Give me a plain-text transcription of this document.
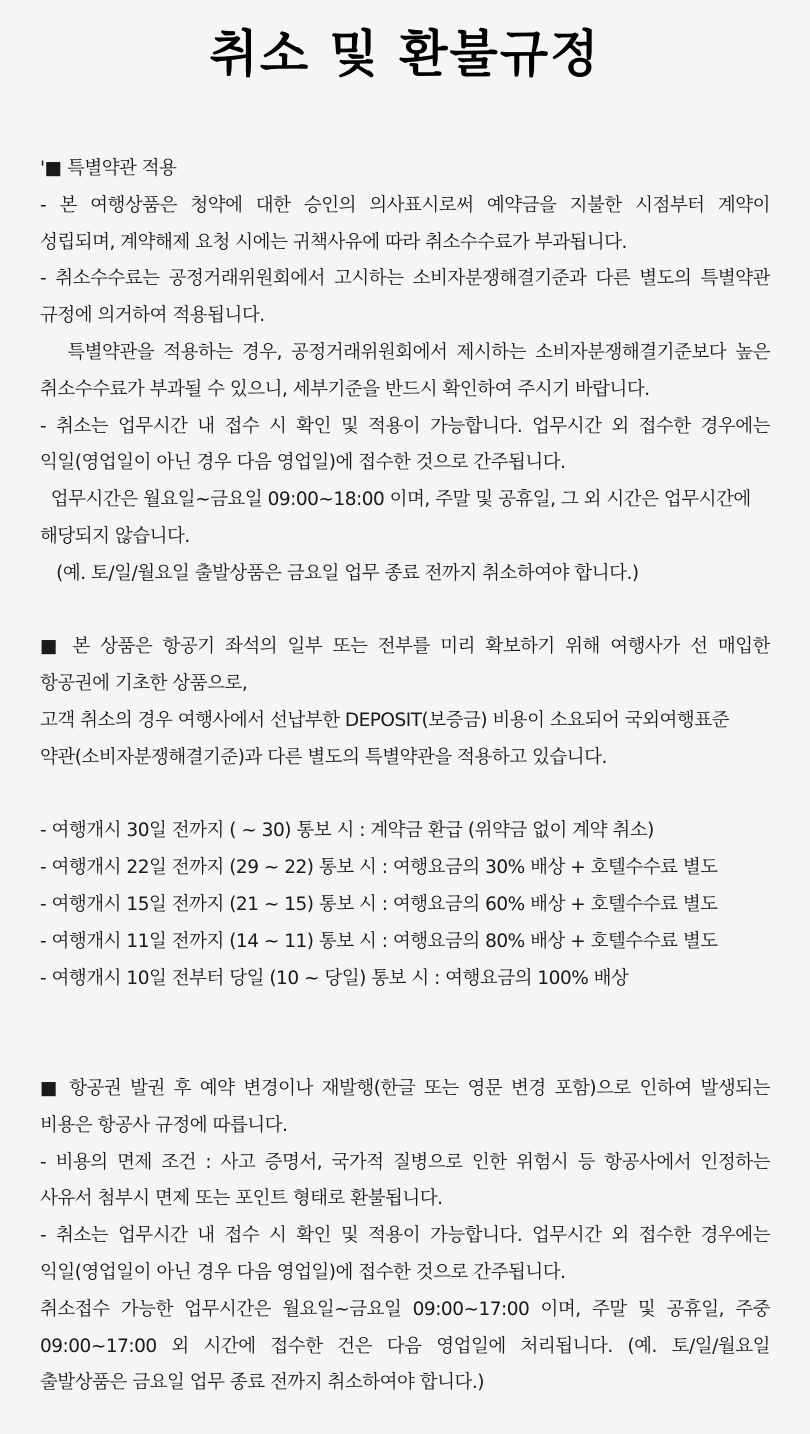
취소 및 환불규정
'■ 특별약관 적용
- 본 여행상품은 청약에 대한 승인의 의사표시로써 예약금을 지불한 시점부터 계약이
성립되며, 계약해제 요청 시에는 귀책사유에 따라 취소수수료가 부과됩니다.
- 취소수수료는 공정거래위원회에서 고시하는 소비자분쟁해결기준과 다른 별도의 특별약관
규정에 의거하여 적용됩니다.
특별약관을 적용하는 경우, 공정거래위원회에서 제시하는 소비자분쟁해결기준보다 높은
취소수수료가 부과될 수 있으니, 세부기준을 반드시 확인하여 주시기 바랍니다.
- 취소는 업무시간 내 접수 시 확인 및 적용이 가능합니다. 업무시간 외 접수한 경우에는
익일(영업일이 아닌 경우 다음 영업일)에 접수한 것으로 간주됩니다.
업무시간은 월요일~금요일 09:00~18:00 이며, 주말 및 공휴일, 그 외 시간은 업무시간에
해당되지 않습니다.
(예. 토/일/월요일 출발상품은 금요일 업무 종료 전까지 취소하여야 합니다.)
■ 본 상품은 항공기 좌석의 일부 또는 전부를 미리 확보하기 위해 여행사가 선 매입한
항공권에 기초한 상품으로,
고객 취소의 경우 여행사에서 선납부한 DEPOSIT(보증금) 비용이 소요되어 국외여행표준
약관(소비자분쟁해결기준)과 다른 별도의 특별약관을 적용하고 있습니다.
- 여행개시 30일 전까지 ( ~ 30) 통보 시 : 계약금 환급 (위약금 없이 계약 취소)
- 여행개시 22일 전까지 (29 ~ 22) 통보 시 : 여행요금의 30% 배상 + 호텔수수료 별도
- 여행개시 15일 전까지 (21 ~ 15) 통보 시 : 여행요금의 60% 배상 + 호텔수수료 별도
- 여행개시 11일 전까지 (14 ~ 11) 통보 시 : 여행요금의 80% 배상 + 호텔수수료 별도
- 여행개시 10일 전부터 당일 (10 ~ 당일) 통보 시 : 여행요금의 100% 배상
■ 항공권 발권 후 예약 변경이나 재발행(한글 또는 영문 변경 포함)으로 인하여 발생되는
비용은 항공사 규정에 따릅니다.
- 비용의 면제 조건 : 사고 증명서, 국가적 질병으로 인한 위험시 등 항공사에서 인정하는
사유서 첨부시 면제 또는 포인트 형태로 환불됩니다.
- 취소는 업무시간 내 접수 시 확인 및 적용이 가능합니다. 업무시간 외 접수한 경우에는
익일(영업일이 아닌 경우 다음 영업일)에 접수한 것으로 간주됩니다.
취소접수 가능한 업무시간은 월요일~금요일 09:00~17:00 이며, 주말 및 공휴일, 주중
09:00~17:00 외 시간에 접수한 건은 다음 영업일에 처리됩니다. (예. 토/일/월요일
출발상품은 금요일 업무 종료 전까지 취소하여야 합니다.)
